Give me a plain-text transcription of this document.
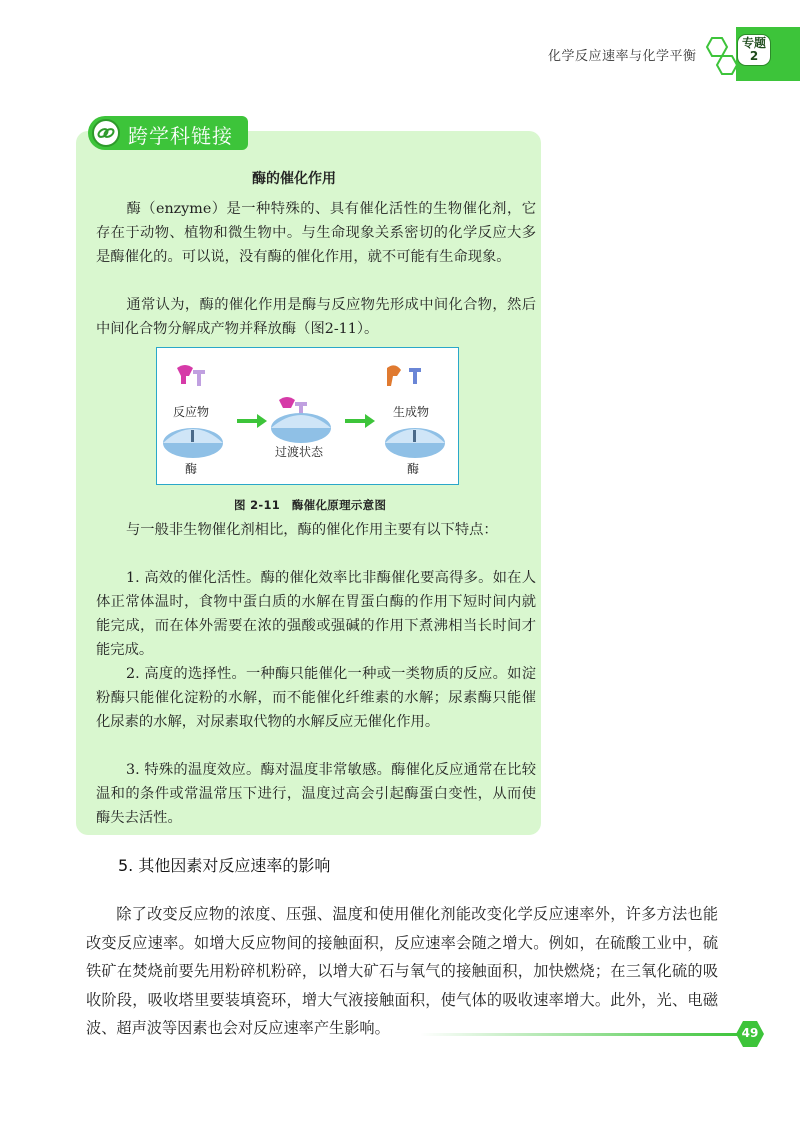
化学反应速率与化学平衡
专题
2
跨学科链接
酶的催化作用

酶（enzyme）是一种特殊的、具有催化活性的生物催化剂，它存在于动物、植物和微生物中。与生命现象关系密切的化学反应大多是酶催化的。可以说，没有酶的催化作用，就不可能有生命现象。

通常认为，酶的催化作用是酶与反应物先形成中间化合物，然后中间化合物分解成产物并释放酶（图2-11）。

反应物
酶
过渡状态
生成物
酶
图 2-11　酶催化原理示意图

与一般非生物催化剂相比，酶的催化作用主要有以下特点：

1. 高效的催化活性。酶的催化效率比非酶催化要高得多。如在人体正常体温时，食物中蛋白质的水解在胃蛋白酶的作用下短时间内就能完成，而在体外需要在浓的强酸或强碱的作用下煮沸相当长时间才能完成。

2. 高度的选择性。一种酶只能催化一种或一类物质的反应。如淀粉酶只能催化淀粉的水解，而不能催化纤维素的水解；尿素酶只能催化尿素的水解，对尿素取代物的水解反应无催化作用。

3. 特殊的温度效应。酶对温度非常敏感。酶催化反应通常在比较温和的条件或常温常压下进行，温度过高会引起酶蛋白变性，从而使酶失去活性。

5. 其他因素对反应速率的影响

除了改变反应物的浓度、压强、温度和使用催化剂能改变化学反应速率外，许多方法也能改变反应速率。如增大反应物间的接触面积，反应速率会随之增大。例如，在硫酸工业中，硫铁矿在焚烧前要先用粉碎机粉碎，以增大矿石与氧气的接触面积，加快燃烧；在三氧化硫的吸收阶段，吸收塔里要装填瓷环，增大气液接触面积，使气体的吸收速率增大。此外，光、电磁波、超声波等因素也会对反应速率产生影响。	49
